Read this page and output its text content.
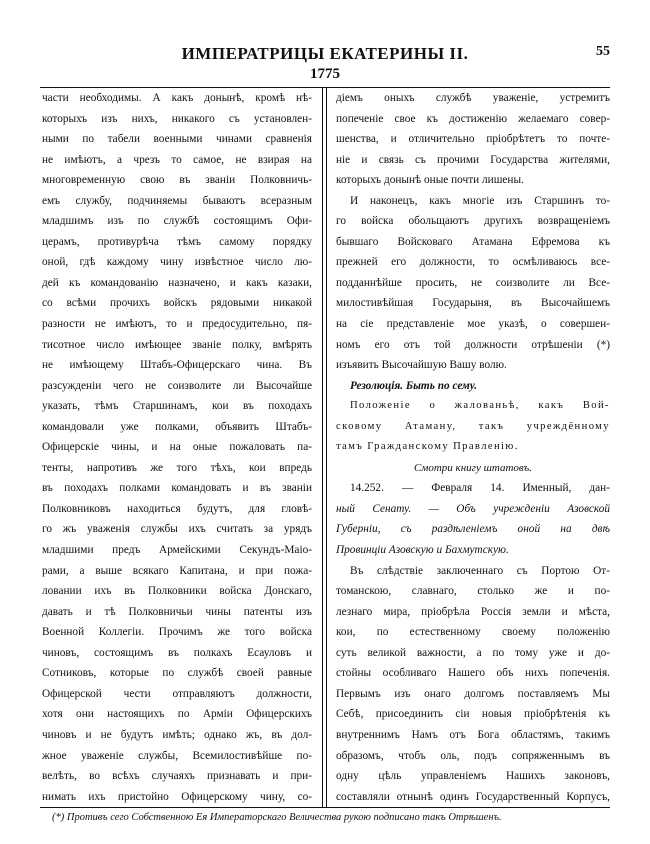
ИМПЕРАТРИЦЫ ЕКАТЕРИНЫ II.	55
1775
части необходимы. А какъ донынѣ, кромѣ нѣ-
которыхъ изъ нихъ, никакого съ установлен-
ными по табели военными чинами сравненія
не имѣютъ, а чрезъ то самое, не взирая на
многовременную свою въ званіи Полковничь-
емъ службу, подчиняемы бываютъ всеразным
младшимъ изъ по службѣ состоящимъ Офи-
церамъ, противурѣча тѣмъ самому порядку
оной, гдѣ каждому чину извѣстное число лю-
дей къ командованію назначено, и какъ казаки,
со всѣми прочихъ войскъ рядовыми никакой
разности не имѣютъ, то и предосудительно, пя-
тисотное число имѣющее званіе полку, вмѣрять
не имѣющему Штабъ-Офицерскаго чина. Въ
разсужденіи чего не соизволите ли Высочайше
указать, тѣмъ Старшинамъ, кои въ походахъ
командовали уже полками, объявить Штабъ-
Офицерскіе чины, и на оные пожаловать па-
тенты, напротивъ же того тѣхъ, кои впредь
въ походахъ полками командовать и въ званіи
Полковниковъ находиться будутъ, для гловѣ-
го жъ уваженія службы ихъ считать за урядъ
младшими предъ Армейскими Секундъ-Маіо-
рами, а выше всякаго Капитана, и при пожа-
ловании ихъ въ Полковники войска Донскаго,
давать и тѣ Полковничьи чины патенты изъ
Военной Коллегіи. Прочимъ же того войска
чиновъ, состоящимъ въ полкахъ Есауловъ и
Сотниковъ, которые по службѣ своей равные
Офицерской чести отправляютъ должности,
хотя они настоящихъ по Арміи Офицерскихъ
чиновъ и не будутъ имѣть; однако жъ, въ дол-
жное уваженіе службы, Всемилостивѣйше по-
велѣть, во всѣхъ случаяхъ признавать и при-
нимать ихъ пристойно Офицерскому чину, со-
діемъ оныхъ службѣ уваженіе, устремитъ
попеченіе свое къ достиженію желаемаго совер-
шенства, и отличительно пріобрѣтетъ то почте-
ніе и связь съ прочими Государства жителями,
которыхъ донынѣ оные почти лишены.
И наконецъ, какъ многіе изъ Старшинъ то-
го войска обольщаютъ другихъ возвращеніемъ
бывшаго Войсковаго Атамана Ефремова къ
прежней его должности, то осмѣливаюсь все-
подданнѣйше просить, не соизволите ли Все-
милостивѣйшая Государыня, въ Высочайшемъ
на сіе представленіе мое указѣ, о совершен-
номъ его отъ той должности отрѣшеніи (*)
изъявить Высочайшую Вашу волю.
Резолюція. Быть по сему.
Положеніе о жалованьѣ, какъ Вой-
сковому Атаману, такъ учреждённому
тамъ Гражданскому Правленію.
Смотри книгу штатовъ.
14.252. — Февраля 14. Именный, дан-
ный Сенату. — Объ учрежденіи Азовской
Губерніи, съ раздѣленіемъ оной на двѣ
Провинціи Азовскую и Бахмутскую.
Въ слѣдствіе заключеннаго съ Портою От-
томанскою, славнаго, столько же и по-
лезнаго мира, пріобрѣла Россія земли и мѣста,
кои, по естественному своему положенію
суть великой важности, а по тому уже и до-
стойны особливаго Нашего объ нихъ попеченія.
Первымъ изъ онаго долгомъ поставляемъ Мы
Себѣ, присоединить сіи новыя пріобрѣтенія къ
внутреннимъ Намъ отъ Бога областямъ, такимъ
образомъ, чтобъ оль, подъ сопряженнымъ въ
одну цѣль управленіемъ Нашихъ законовъ,
составляли отнынѣ одинъ Государственный Корпусъ,
(*) Противъ сего Собственною Ея Императорскаго Величества рукою подписано такъ Отрѣшенъ.
